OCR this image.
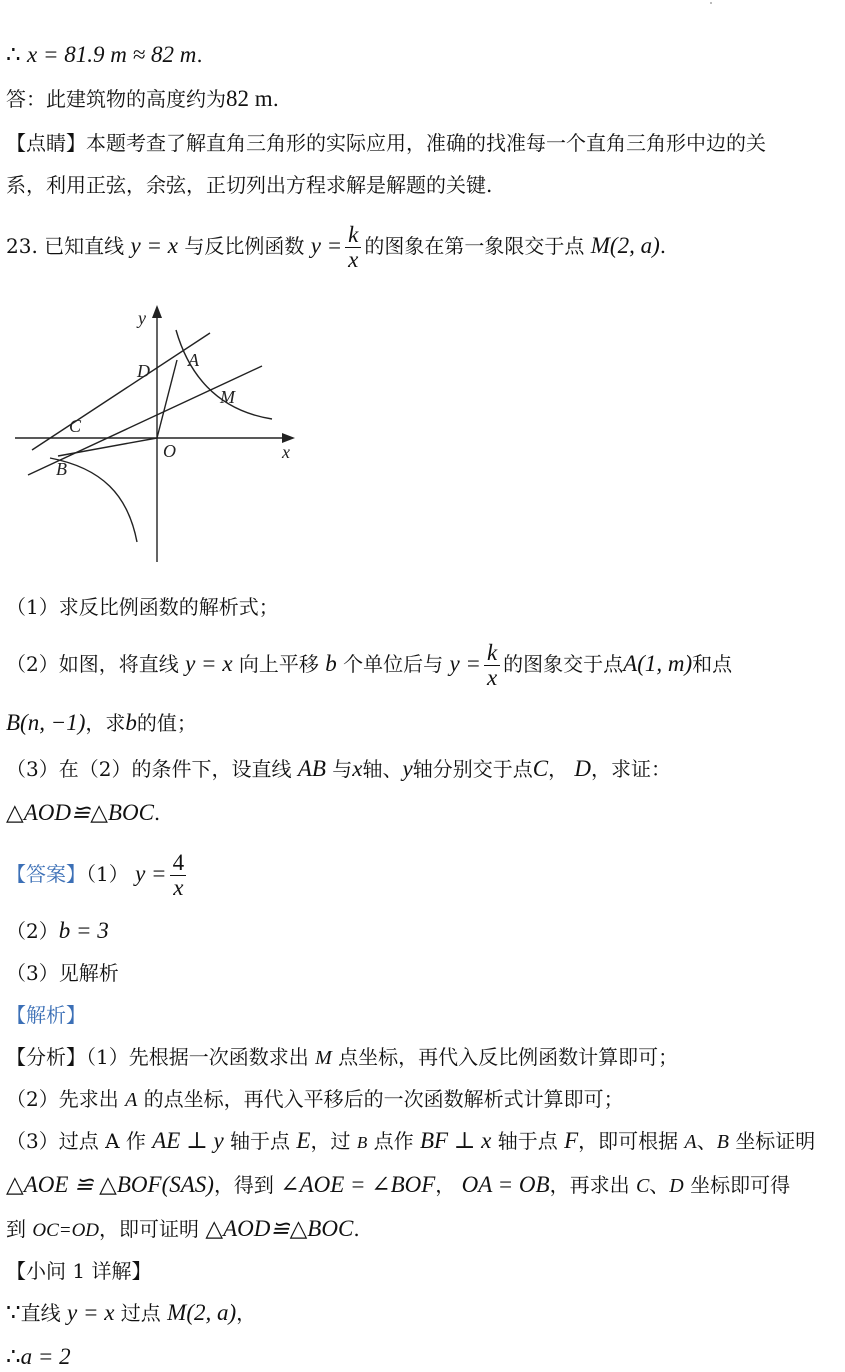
∴ x = 81.9 m ≈ 82 m.
答：此建筑物的高度约为82 m.
【点睛】本题考查了解直角三角形的实际应用，准确的找准每一个直角三角形中边的关
系，利用正弦，余弦，正切列出方程求解是解题的关键.
23. 已知直线 y = x 与反比例函数 $y = \frac{k}{x}$ 的图象在第一象限交于点 M(2, a).
y
x
O
D
A
M
C
B
（1）求反比例函数的解析式；
（2）如图，将直线 y = x 向上平移 b 个单位后与 $y = \frac{k}{x}$ 的图象交于点A(1, m)和点
B(n, −1)，求b的值；
（3）在（2）的条件下，设直线 AB 与x轴、y轴分别交于点C， D，求证：
△AOD≌△BOC.
【答案】（1） $y = \frac{4}{x}$
（2）b = 3
（3）见解析
【解析】
【分析】（1）先根据一次函数求出 M 点坐标，再代入反比例函数计算即可；
（2）先求出 A 的点坐标，再代入平移后的一次函数解析式计算即可；
（3）过点 A 作 AE ⊥ y 轴于点 E，过 B 点作 BF ⊥ x 轴于点 F，即可根据 A、B 坐标证明
△AOE ≌ △BOF(SAS)，得到 ∠AOE = ∠BOF， OA = OB，再求出 C、D 坐标即可得
到 OC=OD，即可证明 △AOD≌△BOC.
【小问 1 详解】
∵直线 y = x 过点 M(2, a)，
∴a = 2
